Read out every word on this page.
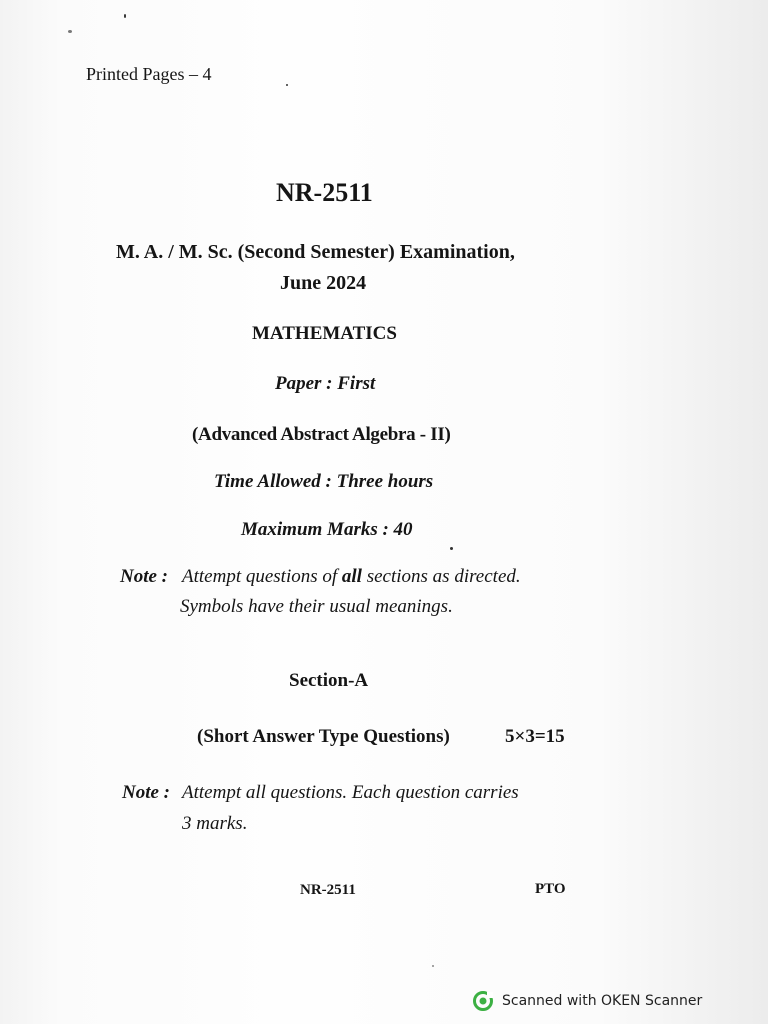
Printed Pages – 4
NR-2511
M. A. / M. Sc. (Second Semester) Examination,
June 2024
MATHEMATICS
Paper : First
(Advanced Abstract Algebra - II)
Time Allowed : Three hours
Maximum Marks : 40
Note : Attempt questions of all sections as directed.
Symbols have their usual meanings.
Section-A
(Short Answer Type Questions)	5×3=15
Note : Attempt all questions. Each question carries
3 marks.
NR-2511	PTO
Scanned with OKEN Scanner
